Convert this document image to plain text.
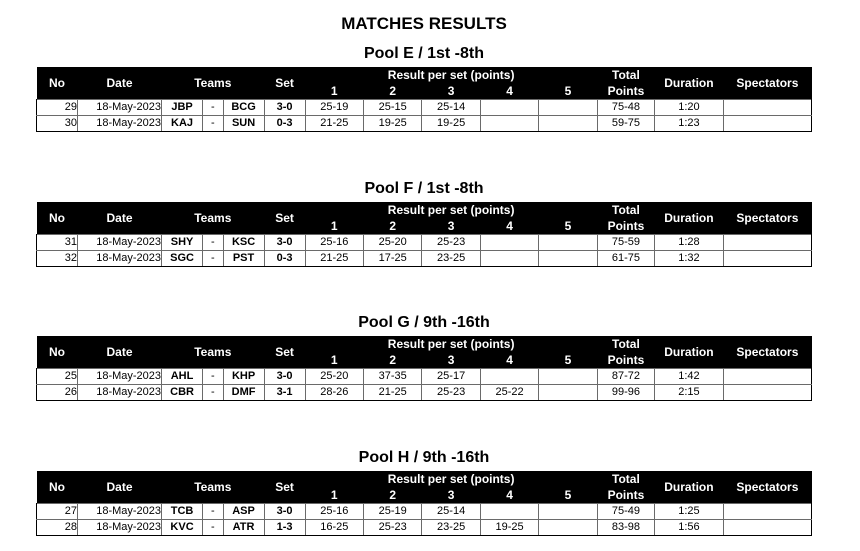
MATCHES RESULTS
Pool E / 1st -8th
No	Date	Teams			Set	Result per set (points)					Total	Duration	Spectators
						1	2	3	4	5	Points		
29	18-May-2023	JBP	-	BCG	3-0	25-19	25-15	25-14			75-48	1:20	
30	18-May-2023	KAJ	-	SUN	0-3	21-25	19-25	19-25			59-75	1:23	
Pool F / 1st -8th
No	Date	Teams			Set	Result per set (points)					Total	Duration	Spectators
						1	2	3	4	5	Points		
31	18-May-2023	SHY	-	KSC	3-0	25-16	25-20	25-23			75-59	1:28	
32	18-May-2023	SGC	-	PST	0-3	21-25	17-25	23-25			61-75	1:32	
Pool G / 9th -16th
No	Date	Teams			Set	Result per set (points)					Total	Duration	Spectators
						1	2	3	4	5	Points		
25	18-May-2023	AHL	-	KHP	3-0	25-20	37-35	25-17			87-72	1:42	
26	18-May-2023	CBR	-	DMF	3-1	28-26	21-25	25-23	25-22		99-96	2:15	
Pool H / 9th -16th
No	Date	Teams			Set	Result per set (points)					Total	Duration	Spectators
						1	2	3	4	5	Points		
27	18-May-2023	TCB	-	ASP	3-0	25-16	25-19	25-14			75-49	1:25	
28	18-May-2023	KVC	-	ATR	1-3	16-25	25-23	23-25	19-25		83-98	1:56	
